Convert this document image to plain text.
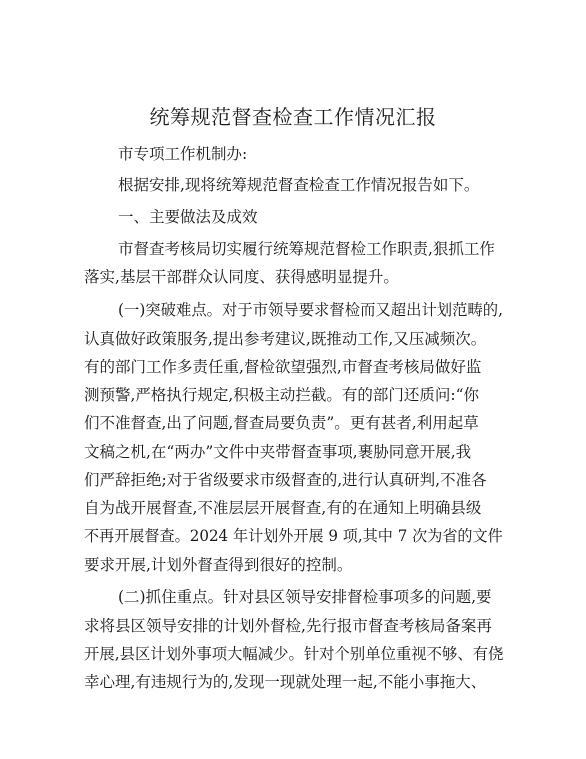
统筹规范督查检查工作情况汇报
市专项工作机制办:
根据安排,现将统筹规范督查检查工作情况报告如下。
一、主要做法及成效
市督查考核局切实履行统筹规范督检工作职责,狠抓工作
落实,基层干部群众认同度、获得感明显提升。
(一)突破难点。对于市领导要求督检而又超出计划范畴的,
认真做好政策服务,提出参考建议,既推动工作,又压减频次。
有的部门工作多责任重,督检欲望强烈,市督查考核局做好监
测预警,严格执行规定,积极主动拦截。有的部门还质问:“你
们不准督查,出了问题,督查局要负责”。更有甚者,利用起草
文稿之机,在“两办”文件中夹带督查事项,裹胁同意开展,我
们严辞拒绝;对于省级要求市级督查的,进行认真研判,不准各
自为战开展督查,不准层层开展督查,有的在通知上明确县级
不再开展督查。2024 年计划外开展 9 项,其中 7 次为省的文件
要求开展,计划外督查得到很好的控制。
(二)抓住重点。针对县区领导安排督检事项多的问题,要
求将县区领导安排的计划外督检,先行报市督查考核局备案再
开展,县区计划外事项大幅减少。针对个别单位重视不够、有侥
幸心理,有违规行为的,发现一现就处理一起,不能小事拖大、
